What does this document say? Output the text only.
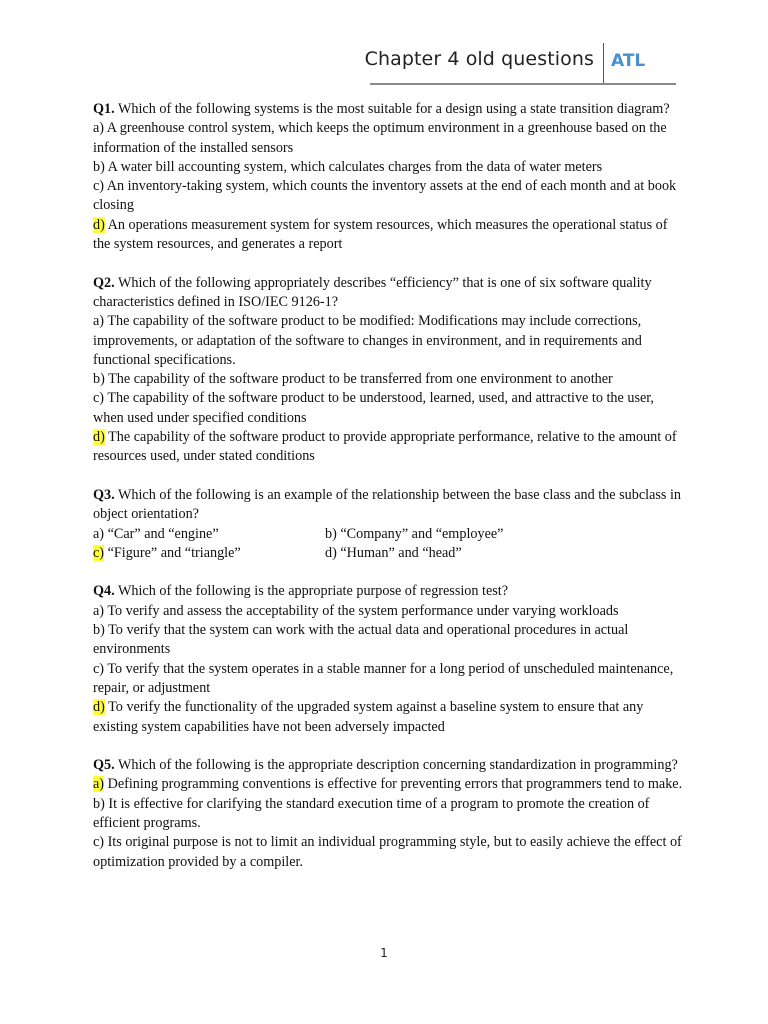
Chapter 4 old questions ATL

Q1. Which of the following systems is the most suitable for a design using a state transition diagram?

a) A greenhouse control system, which keeps the optimum environment in a greenhouse based on the information of the installed sensors

b) A water bill accounting system, which calculates charges from the data of water meters

c) An inventory-taking system, which counts the inventory assets at the end of each month and at book closing

d) An operations measurement system for system resources, which measures the operational status of the system resources, and generates a report

Q2. Which of the following appropriately describes “efficiency” that is one of six software quality characteristics defined in ISO/IEC 9126-1?

a) The capability of the software product to be modified: Modifications may include corrections, improvements, or adaptation of the software to changes in environment, and in requirements and functional specifications.

b) The capability of the software product to be transferred from one environment to another

c) The capability of the software product to be understood, learned, used, and attractive to the user, when used under specified conditions

d) The capability of the software product to provide appropriate performance, relative to the amount of resources used, under stated conditions

Q3. Which of the following is an example of the relationship between the base class and the subclass in object orientation?

a) “Car” and “engine”	b) “Company” and “employee”
c) “Figure” and “triangle”	d) “Human” and “head”

Q4. Which of the following is the appropriate purpose of regression test?

a) To verify and assess the acceptability of the system performance under varying workloads

b) To verify that the system can work with the actual data and operational procedures in actual environments

c) To verify that the system operates in a stable manner for a long period of unscheduled maintenance, repair, or adjustment

d) To verify the functionality of the upgraded system against a baseline system to ensure that any existing system capabilities have not been adversely impacted

Q5. Which of the following is the appropriate description concerning standardization in programming?

a) Defining programming conventions is effective for preventing errors that programmers tend to make.

b) It is effective for clarifying the standard execution time of a program to promote the creation of efficient programs.

c) Its original purpose is not to limit an individual programming style, but to easily achieve the effect of optimization provided by a compiler.

1
